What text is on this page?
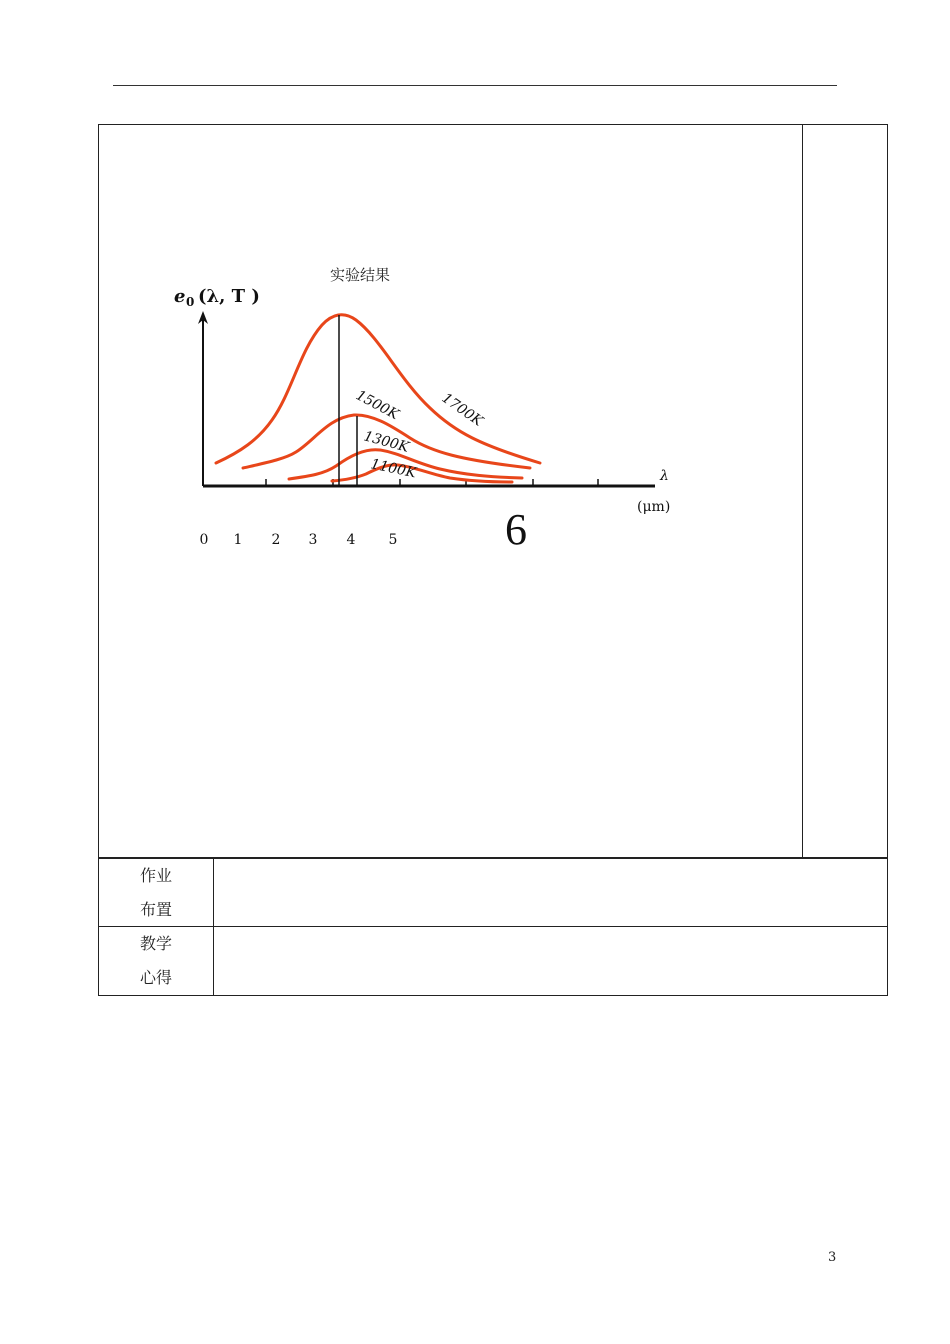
实验结果
e 0 (λ, T )
λ
(μm)
1700K
1500K
1300K
1100K
0 1 2 3 4 5 6
作业
布置
教学
心得
3
